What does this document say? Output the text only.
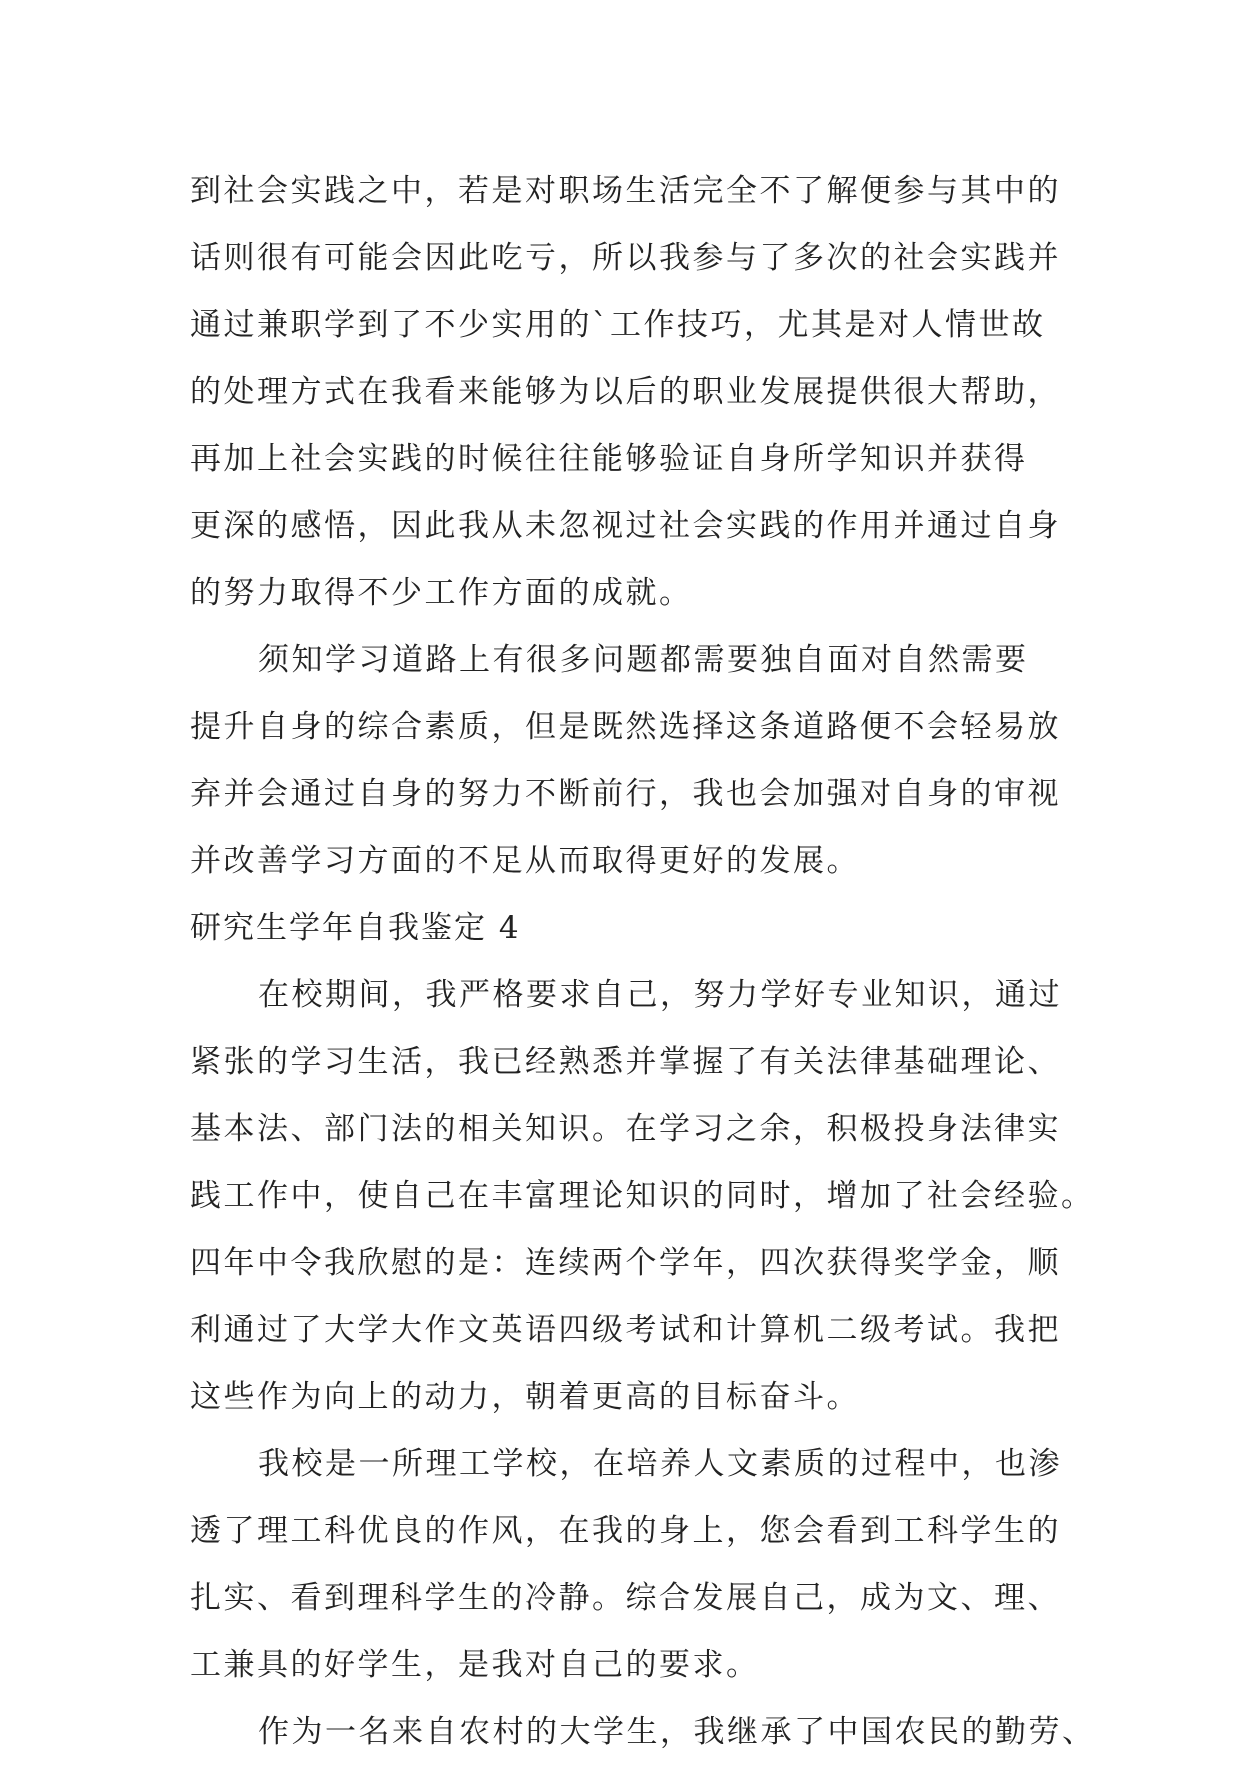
到社会实践之中，若是对职场生活完全不了解便参与其中的
话则很有可能会因此吃亏，所以我参与了多次的社会实践并
通过兼职学到了不少实用的`工作技巧，尤其是对人情世故
的处理方式在我看来能够为以后的职业发展提供很大帮助，
再加上社会实践的时候往往能够验证自身所学知识并获得
更深的感悟，因此我从未忽视过社会实践的作用并通过自身
的努力取得不少工作方面的成就。
须知学习道路上有很多问题都需要独自面对自然需要
提升自身的综合素质，但是既然选择这条道路便不会轻易放
弃并会通过自身的努力不断前行，我也会加强对自身的审视
并改善学习方面的不足从而取得更好的发展。
研究生学年自我鉴定 4
在校期间，我严格要求自己，努力学好专业知识，通过
紧张的学习生活，我已经熟悉并掌握了有关法律基础理论、
基本法、部门法的相关知识。在学习之余，积极投身法律实
践工作中，使自己在丰富理论知识的同时，增加了社会经验。
四年中令我欣慰的是：连续两个学年，四次获得奖学金，顺
利通过了大学大作文英语四级考试和计算机二级考试。我把
这些作为向上的动力，朝着更高的目标奋斗。
我校是一所理工学校，在培养人文素质的过程中，也渗
透了理工科优良的作风，在我的身上，您会看到工科学生的
扎实、看到理科学生的冷静。综合发展自己，成为文、理、
工兼具的好学生，是我对自己的要求。
作为一名来自农村的大学生，我继承了中国农民的勤劳、
